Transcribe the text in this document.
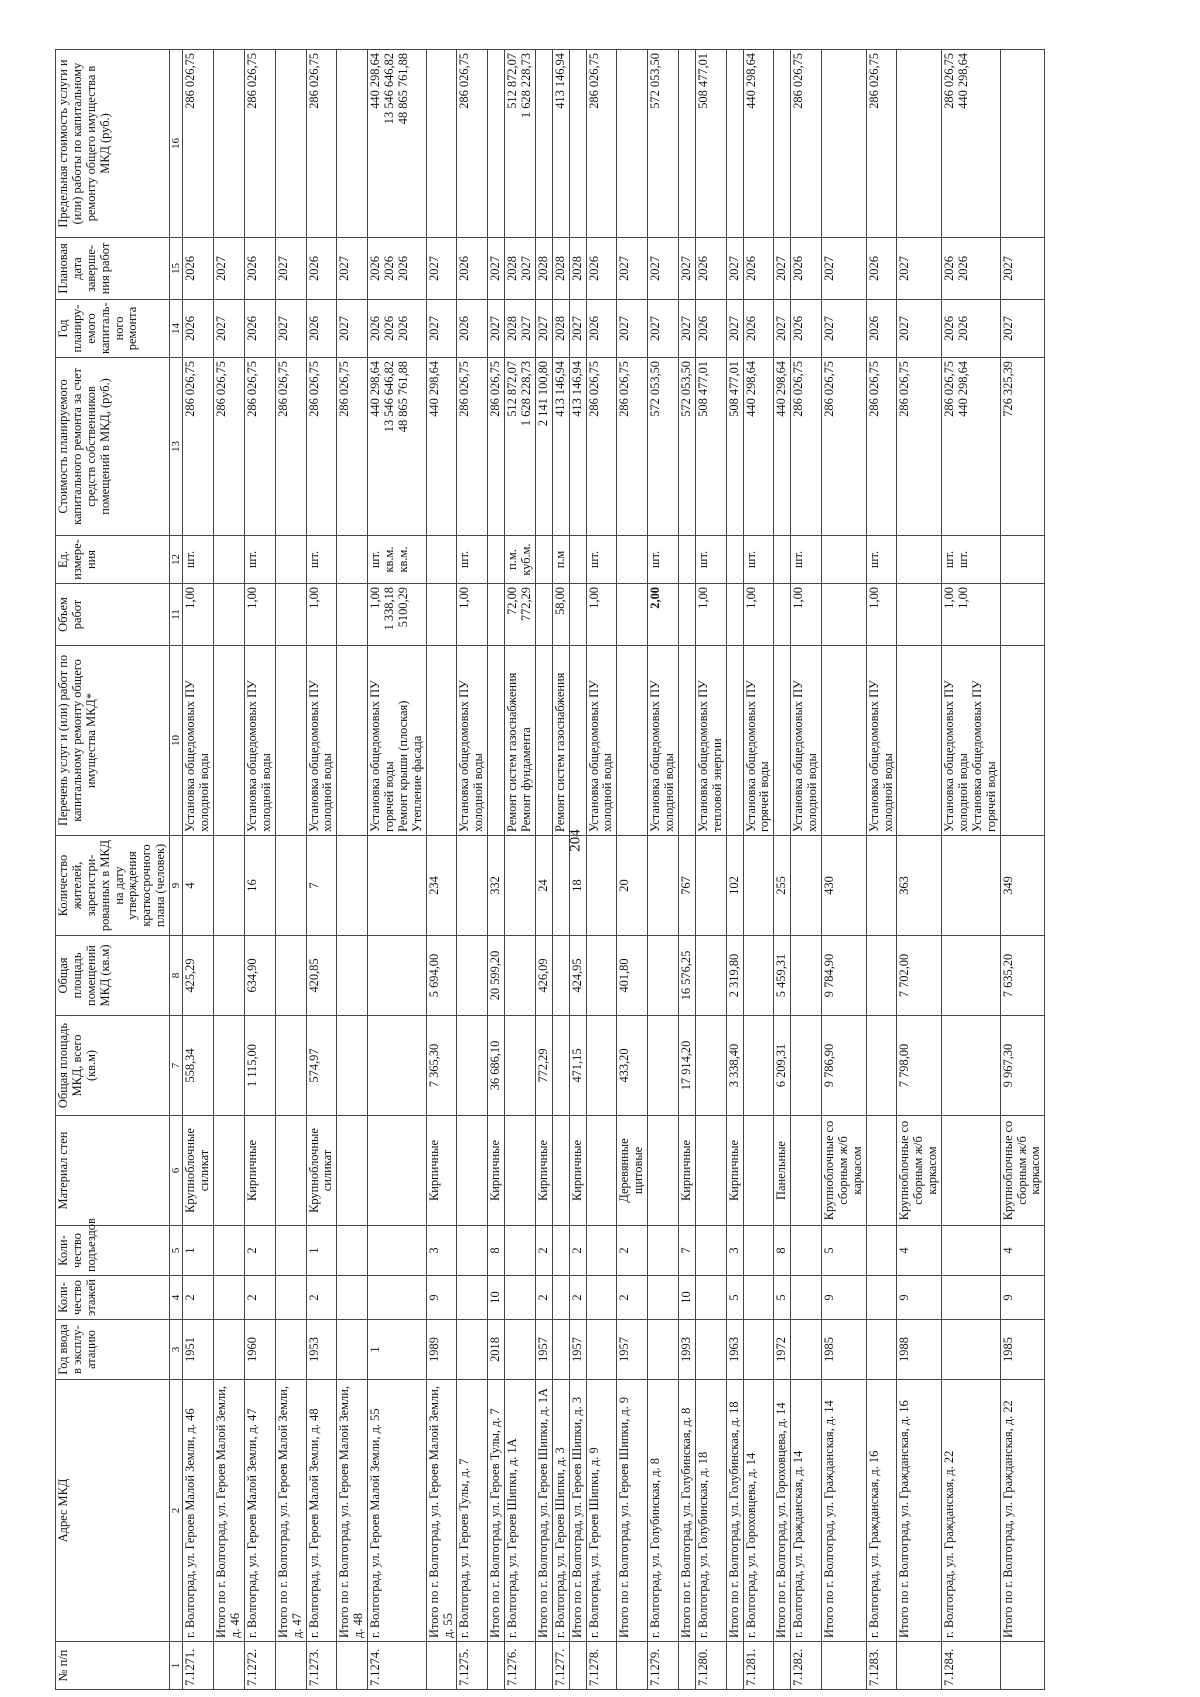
204
№ п/п	Адрес МКД	Год ввода в эксплу-атацию	Коли-чество этажей	Коли-чество подъездов	Материал стен	Общая площадь МКД, всего (кв.м)	Общая площадь помещений МКД (кв.м)	Количество жителей, зарегистри-рованных в МКД на дату утверждения краткосрочного плана (человек)	Перечень услуг и (или) работ по капитальному ремонту общего имущества МКД*	Объем работ	Ед. измере-ния	Стоимость планируемого капитального ремонта за счет средств собственников помещений в МКД, (руб.)	Год планиру-емого капиталь-ного ремонта	Плановая дата заверше-ния работ	Предельная стоимость услуги и (или) работы по капитальному ремонту общего имущества в МКД (руб.)
1	2	3	4	5	6	7	8	9	10	11	12	13	14	15	16
7.1271.	г. Волгоград, ул. Героев Малой Земли, д. 46	1951	2	1	Крупноблочные силикат	558,34	425,29	4	Установка общедомовых ПУ холодной воды	1,00	шт.	286 026,75	2026	2026	286 026,75

	Итого по г. Волгоград, ул. Героев Малой Земли, д. 46											286 026,75	2027	2027	

7.1272.	г. Волгоград, ул. Героев Малой Земли, д. 47	1960	2	2	Кирпичные	1 115,00	634,90	16	Установка общедомовых ПУ холодной воды	1,00	шт.	286 026,75	2026	2026	286 026,75

	Итого по г. Волгоград, ул. Героев Малой Земли, д. 47											286 026,75	2027	2027	

7.1273.	г. Волгоград, ул. Героев Малой Земли, д. 48	1953	2	1	Крупноблочные силикат	574,97	420,85	7	Установка общедомовых ПУ холодной воды	1,00	шт.	286 026,75	2026	2026	286 026,75

	Итого по г. Волгоград, ул. Героев Малой Земли, д. 48											286 026,75	2027	2027	

7.1274.	г. Волгоград, ул. Героев Малой Земли, д. 55	1							Установка общедомовых ПУ горячей воды Ремонт крыши (плоская) Утепление фасада	1,00 1 338,18 5100,29	шт. кв.м. кв.м.	440 298,64 13 546 646,82 48 865 761,88	2026 2026 2026	2026 2026 2026	440 298,64 13 546 646,82 48 865 761,88

	Итого по г. Волгоград, ул. Героев Малой Земли, д. 55	1989	9	3	Кирпичные	7 365,30	5 694,00	234				440 298,64	2027	2027	

7.1275.	г. Волгоград, ул. Героев Тулы, д. 7								Установка общедомовых ПУ холодной воды	1,00	шт.	286 026,75	2026	2026	286 026,75

	Итого по г. Волгоград, ул. Героев Тулы, д. 7	2018	10	8	Кирпичные	36 686,10	20 599,20	332				286 026,75	2027	2027	

7.1276.	г. Волгоград, ул. Героев Шипки, д. 1А								Ремонт систем газоснабжения Ремонт фундамента	72,00 772,29	п.м. куб.м.	512 872,07 1 628 228,73	2028 2027	2028 2027	512 872,07 1 628 228,73

	Итого по г. Волгоград, ул. Героев Шипки, д. 1А	1957	2	2	Кирпичные	772,29	426,09	24				2 141 100,80	2027	2028	

7.1277.	г. Волгоград, ул. Героев Шипки, д. 3								Ремонт систем газоснабжения	58,00	п.м	413 146,94	2028	2028	413 146,94

	Итого по г. Волгоград, ул. Героев Шипки, д. 3	1957	2	2	Кирпичные	471,15	424,95	18				413 146,94	2027	2028	

7.1278.	г. Волгоград, ул. Героев Шипки, д. 9								Установка общедомовых ПУ холодной воды	1,00	шт.	286 026,75	2026	2026	286 026,75

	Итого по г. Волгоград, ул. Героев Шипки, д. 9	1957	2	2	Деревянные щитовые	433,20	401,80	20				286 026,75	2027	2027	

7.1279.	г. Волгоград, ул. Голубинская, д. 8								Установка общедомовых ПУ холодной воды	2,00	шт.	572 053,50	2027	2027	572 053,50

	Итого по г. Волгоград, ул. Голубинская, д. 8	1993	10	7	Кирпичные	17 914,20	16 576,25	767				572 053,50	2027	2027	

7.1280.	г. Волгоград, ул. Голубинская, д. 18								Установка общедомовых ПУ тепловой энергии	1,00	шт.	508 477,01	2026	2026	508 477,01

	Итого по г. Волгоград, ул. Голубинская, д. 18	1963	5	3	Кирпичные	3 338,40	2 319,80	102				508 477,01	2027	2027	

7.1281.	г. Волгоград, ул. Гороховцева, д. 14								Установка общедомовых ПУ горячей воды	1,00	шт.	440 298,64	2026	2026	440 298,64

	Итого по г. Волгоград, ул. Гороховцева, д. 14	1972	5	8	Панельные	6 209,31	5 459,31	255				440 298,64	2027	2027	

7.1282.	г. Волгоград, ул. Гражданская, д. 14								Установка общедомовых ПУ холодной воды	1,00	шт.	286 026,75	2026	2026	286 026,75

	Итого по г. Волгоград, ул. Гражданская, д. 14	1985	9	5	Крупноблочные со сборным ж/б каркасом	9 786,90	9 784,90	430				286 026,75	2027	2027	

7.1283.	г. Волгоград, ул. Гражданская, д. 16								Установка общедомовых ПУ холодной воды	1,00	шт.	286 026,75	2026	2026	286 026,75

	Итого по г. Волгоград, ул. Гражданская, д. 16	1988	9	4	Крупноблочные со сборным ж/б каркасом	7 798,00	7 702,00	363				286 026,75	2027	2027	

7.1284.	г. Волгоград, ул. Гражданская, д. 22								Установка общедомовых ПУ холодной воды Установка общедомовых ПУ горячей воды	1,00 1,00	шт. шт.	286 026,75 440 298,64	2026 2026	2026 2026	286 026,75 440 298,64

	Итого по г. Волгоград, ул. Гражданская, д. 22	1985	9	4	Крупноблочные со сборным ж/б каркасом	9 967,30	7 635,20	349				726 325,39	2027	2027	
